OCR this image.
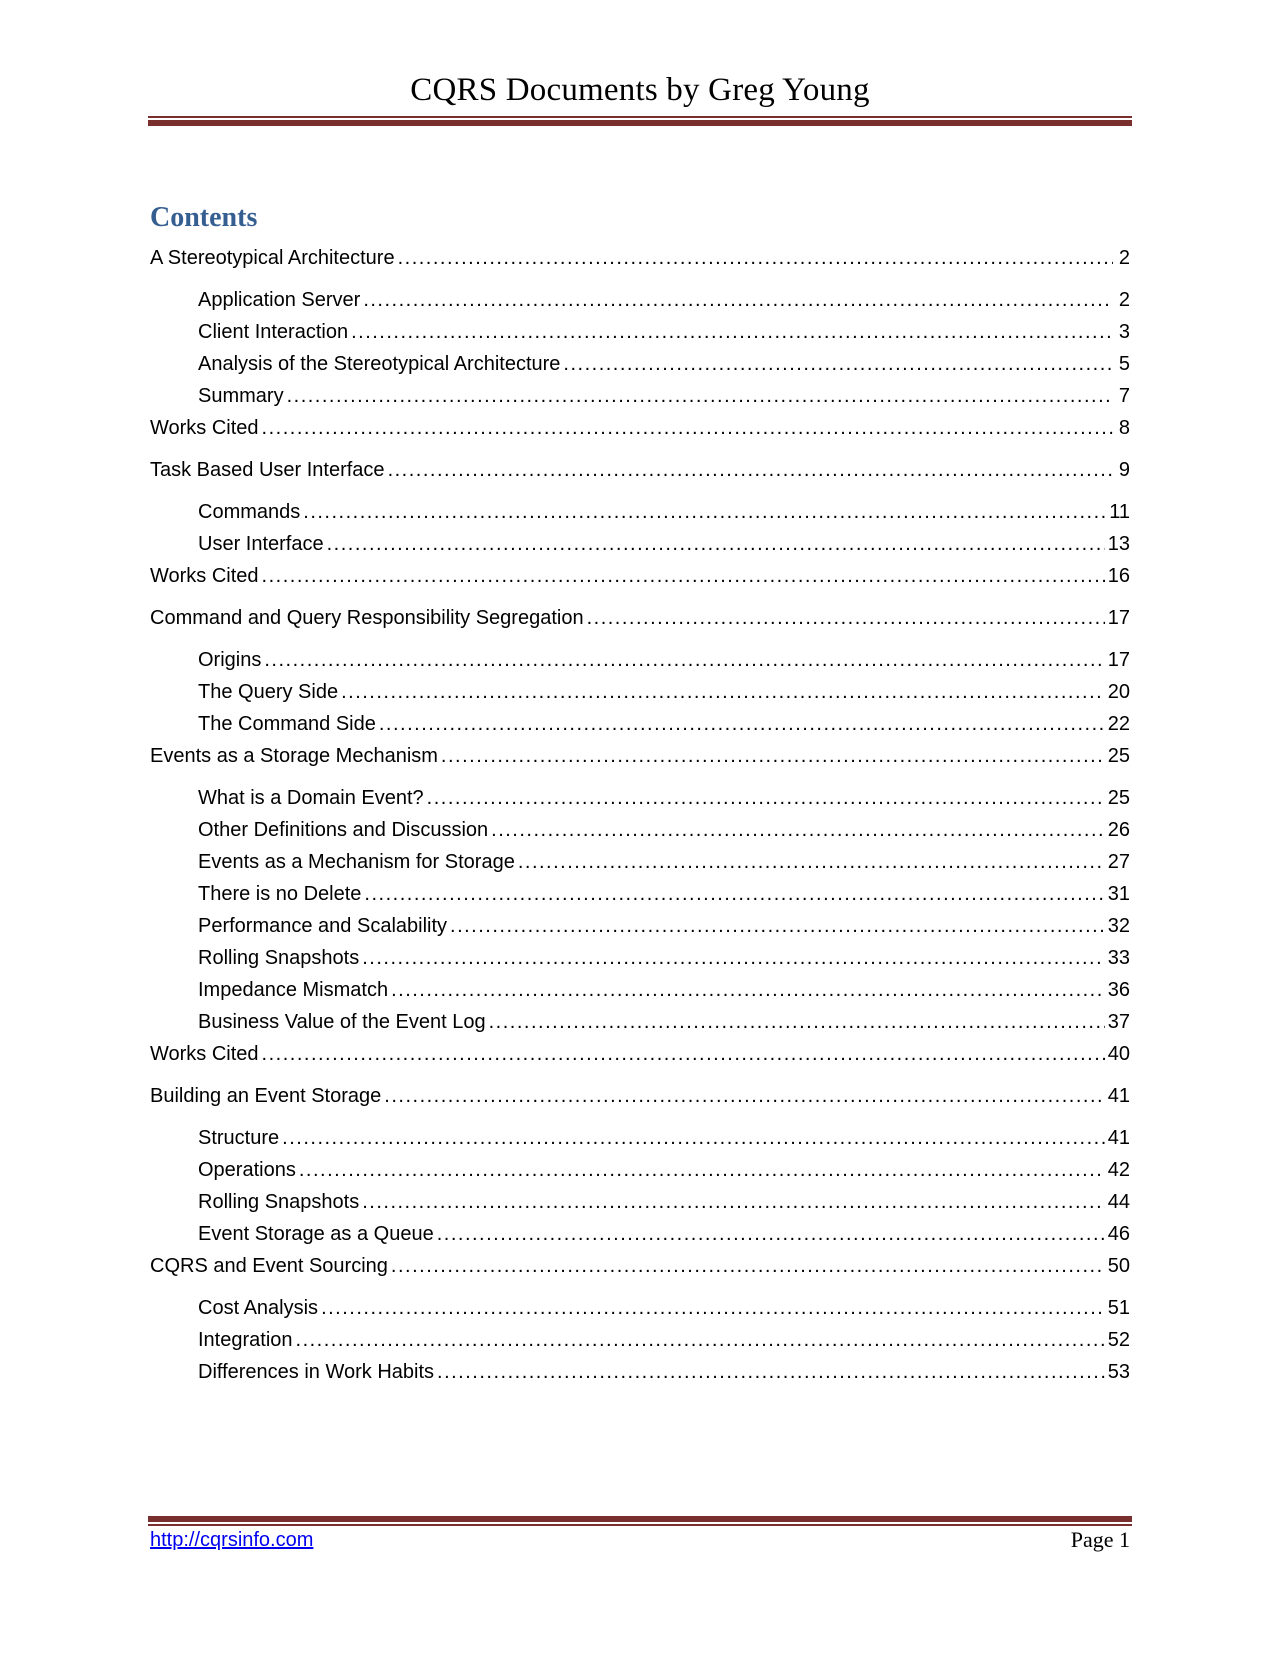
CQRS Documents by Greg Young
Contents
A Stereotypical Architecture .....	2
Application Server .....	2
Client Interaction .....	3
Analysis of the Stereotypical Architecture .....	5
Summary .....	7
Works Cited .....	8
Task Based User Interface .....	9
Commands .....	11
User Interface .....	13
Works Cited .....	16
Command and Query Responsibility Segregation .....	17
Origins .....	17
The Query Side .....	20
The Command Side .....	22
Events as a Storage Mechanism .....	25
What is a Domain Event? .....	25
Other Definitions and Discussion .....	26
Events as a Mechanism for Storage .....	27
There is no Delete .....	31
Performance and Scalability .....	32
Rolling Snapshots .....	33
Impedance Mismatch .....	36
Business Value of the Event Log .....	37
Works Cited .....	40
Building an Event Storage .....	41
Structure .....	41
Operations .....	42
Rolling Snapshots .....	44
Event Storage as a Queue .....	46
CQRS and Event Sourcing .....	50
Cost Analysis .....	51
Integration .....	52
Differences in Work Habits .....	53
http://cqrsinfo.com	Page 1
